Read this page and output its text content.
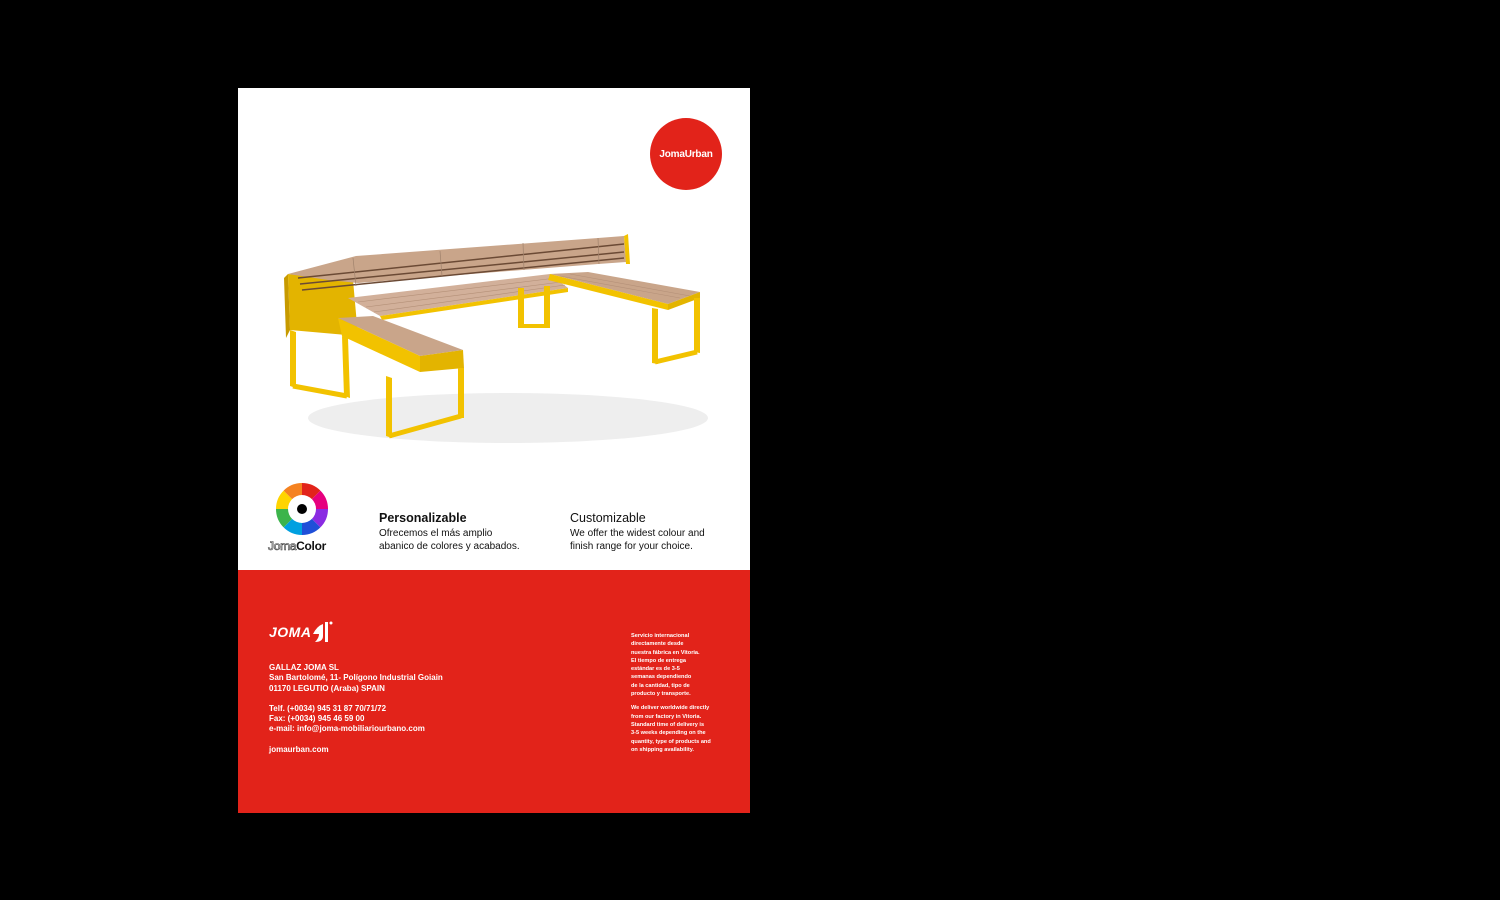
JomaUrban
JomaColor
Personalizable
Ofrecemos el más amplio
abanico de colores y acabados.
Customizable
We offer the widest colour and
finish range for your choice.
JOMA
GALLAZ JOMA SL
San Bartolomé, 11- Polígono Industrial Goiain
01170 LEGUTIO (Araba) SPAIN
Telf. (+0034) 945 31 87 70/71/72
Fax: (+0034) 945 46 59 00
e-mail: info@joma-mobiliariourbano.com
jomaurban.com
Servicio internacional
directamente desde
nuestra fábrica en Vitoria.
El tiempo de entrega
estándar es de 3-5
semanas dependiendo
de la cantidad, tipo de
producto y transporte.
We deliver worldwide directly
from our factory in Vitoria.
Standard time of delivery is
3-5 weeks depending on the
quantity, type of products and
on shipping availability.
